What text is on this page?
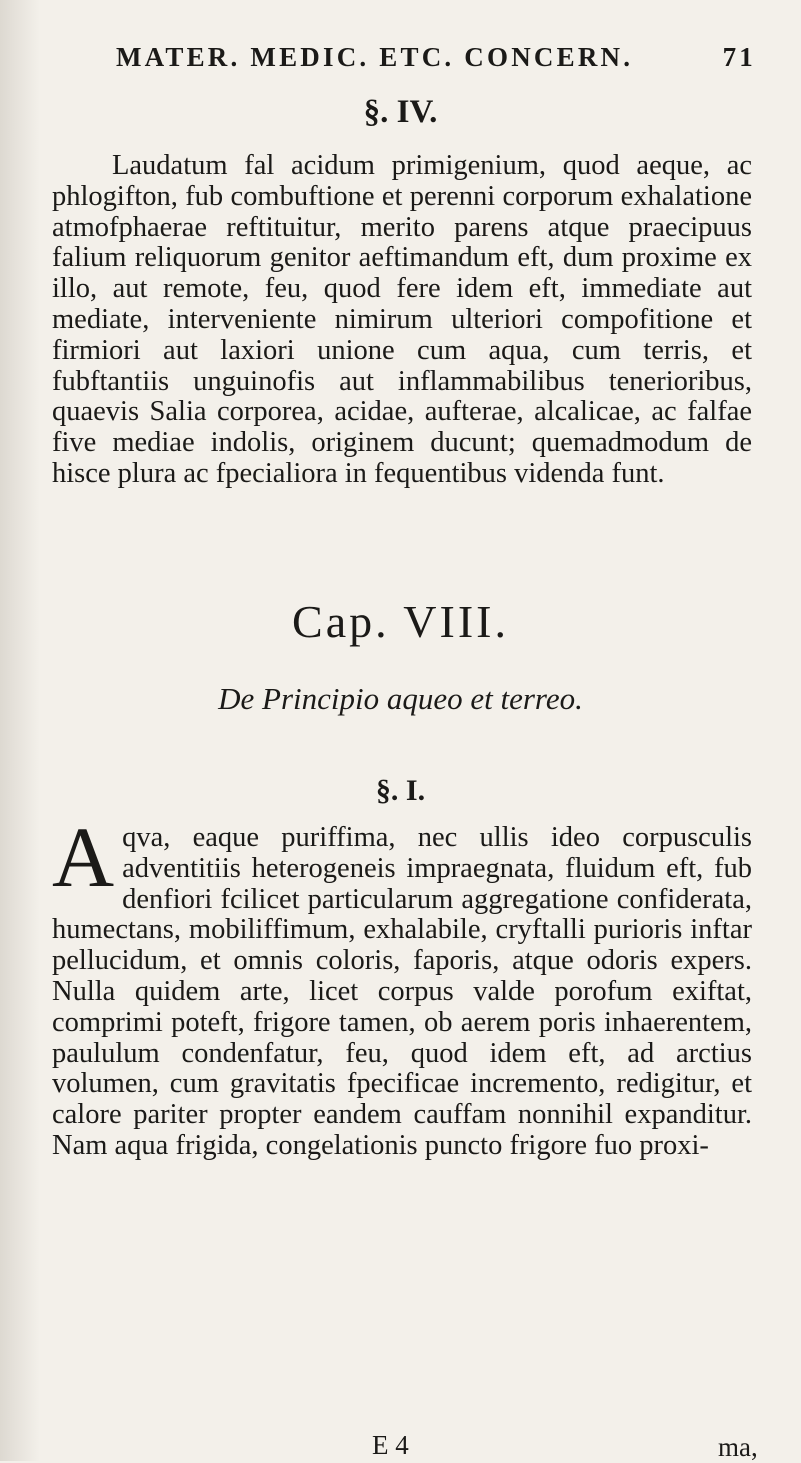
MATER. MEDIC. ETC. CONCERN.	71
§. IV.
Laudatum fal acidum primigenium, quod aeque, ac phlogifton, fub combuftione et perenni corporum exhalatione atmofphaerae reftituitur, merito parens atque praecipuus falium reliquorum genitor aeftimandum eft, dum proxime ex illo, aut remote, feu, quod fere idem eft, immediate aut mediate, interveniente nimirum ulteriori compofitione et firmiori aut laxiori unione cum aqua, cum terris, et fubftantiis unguinofis aut inflammabilibus tenerioribus, quaevis Salia corporea, acidae, aufterae, alcalicae, ac falfae five mediae indolis, originem ducunt; quemadmodum de hisce plura ac fpecialiora in fequentibus videnda funt.
Cap. VIII.
De Principio aqueo et terreo.
§. I.
Aqva, eaque puriffima, nec ullis ideo corpusculis adventitiis heterogeneis impraegnata, fluidum eft, fub denfiori fcilicet particularum aggregatione confiderata, humectans, mobiliffimum, exhalabile, cryftalli purioris inftar pellucidum, et omnis coloris, faporis, atque odoris expers. Nulla quidem arte, licet corpus valde porofum exiftat, comprimi poteft, frigore tamen, ob aerem poris inhaerentem, paululum condenfatur, feu, quod idem eft, ad arctius volumen, cum gravitatis fpecificae incremento, redigitur, et calore pariter propter eandem cauffam nonnihil expanditur. Nam aqua frigida, congelationis puncto frigore fuo proxi-
E 4	ma,
